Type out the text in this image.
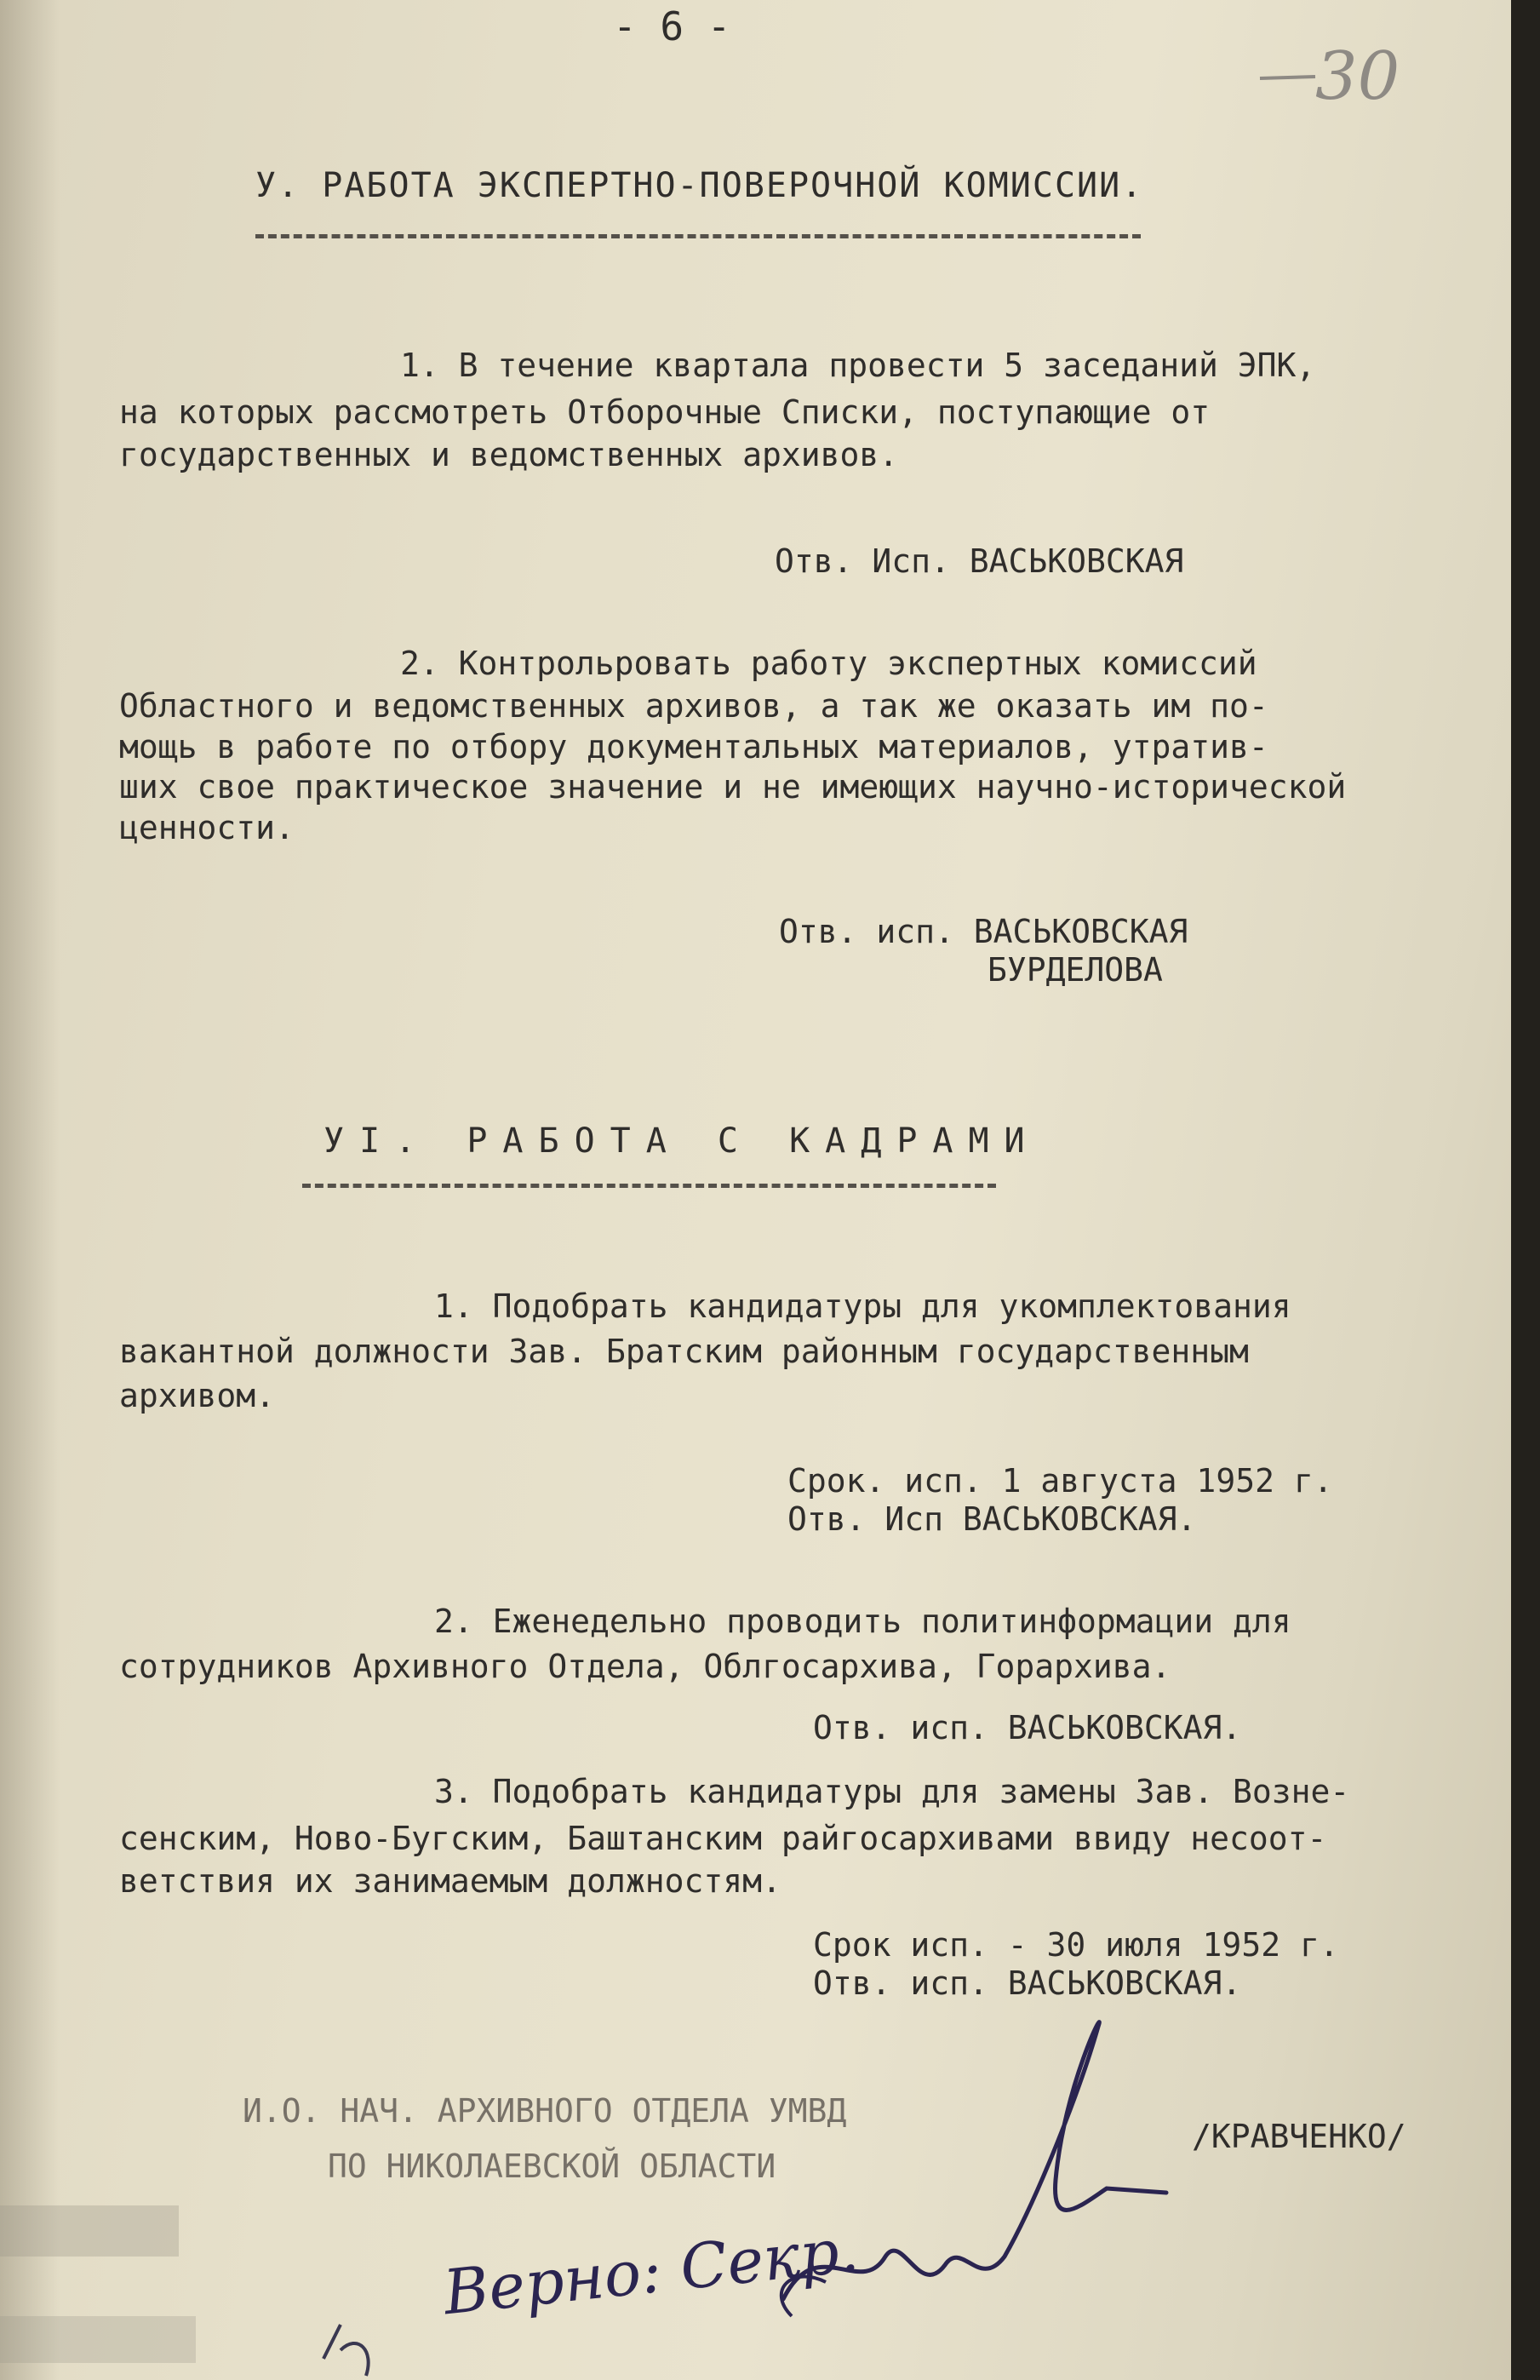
- 6 -
30
У. РАБОТА ЭКСПЕРТНО-ПОВЕРОЧНОЙ КОМИССИИ.
1. В течение квартала провести 5 заседаний ЭПК,
на которых рассмотреть Отборочные Списки, поступающие от
государственных и ведомственных архивов.
Отв. Исп. ВАСЬКОВСКАЯ
2. Контрольровать работу экспертных комиссий
Областного и ведомственных архивов, а так же оказать им по-
мощь в работе по отбору документальных материалов, утратив-
ших свое практическое значение и не имеющих научно-исторической
ценности.
Отв. исп. ВАСЬКОВСКАЯ
БУРДЕЛОВА
УI. РАБОТА С КАДРАМИ
1. Подобрать кандидатуры для укомплектования
вакантной должности Зав. Братским районным государственным
архивом.
Срок. исп. 1 августа 1952 г.
Отв. Исп ВАСЬКОВСКАЯ.
2. Еженедельно проводить политинформации для
сотрудников Архивного Отдела, Облгосархива, Горархива.
Отв. исп. ВАСЬКОВСКАЯ.
3. Подобрать кандидатуры для замены Зав. Возне-
сенским, Ново-Бугским, Баштанским райгосархивами ввиду несоот-
ветствия их занимаемым должностям.
Срок исп. - 30 июля 1952 г.
Отв. исп. ВАСЬКОВСКАЯ.
И.О. НАЧ. АРХИВНОГО ОТДЕЛА УМВД
ПО НИКОЛАЕВСКОЙ ОБЛАСТИ
/КРАВЧЕНКО/
Верно: Секр.
